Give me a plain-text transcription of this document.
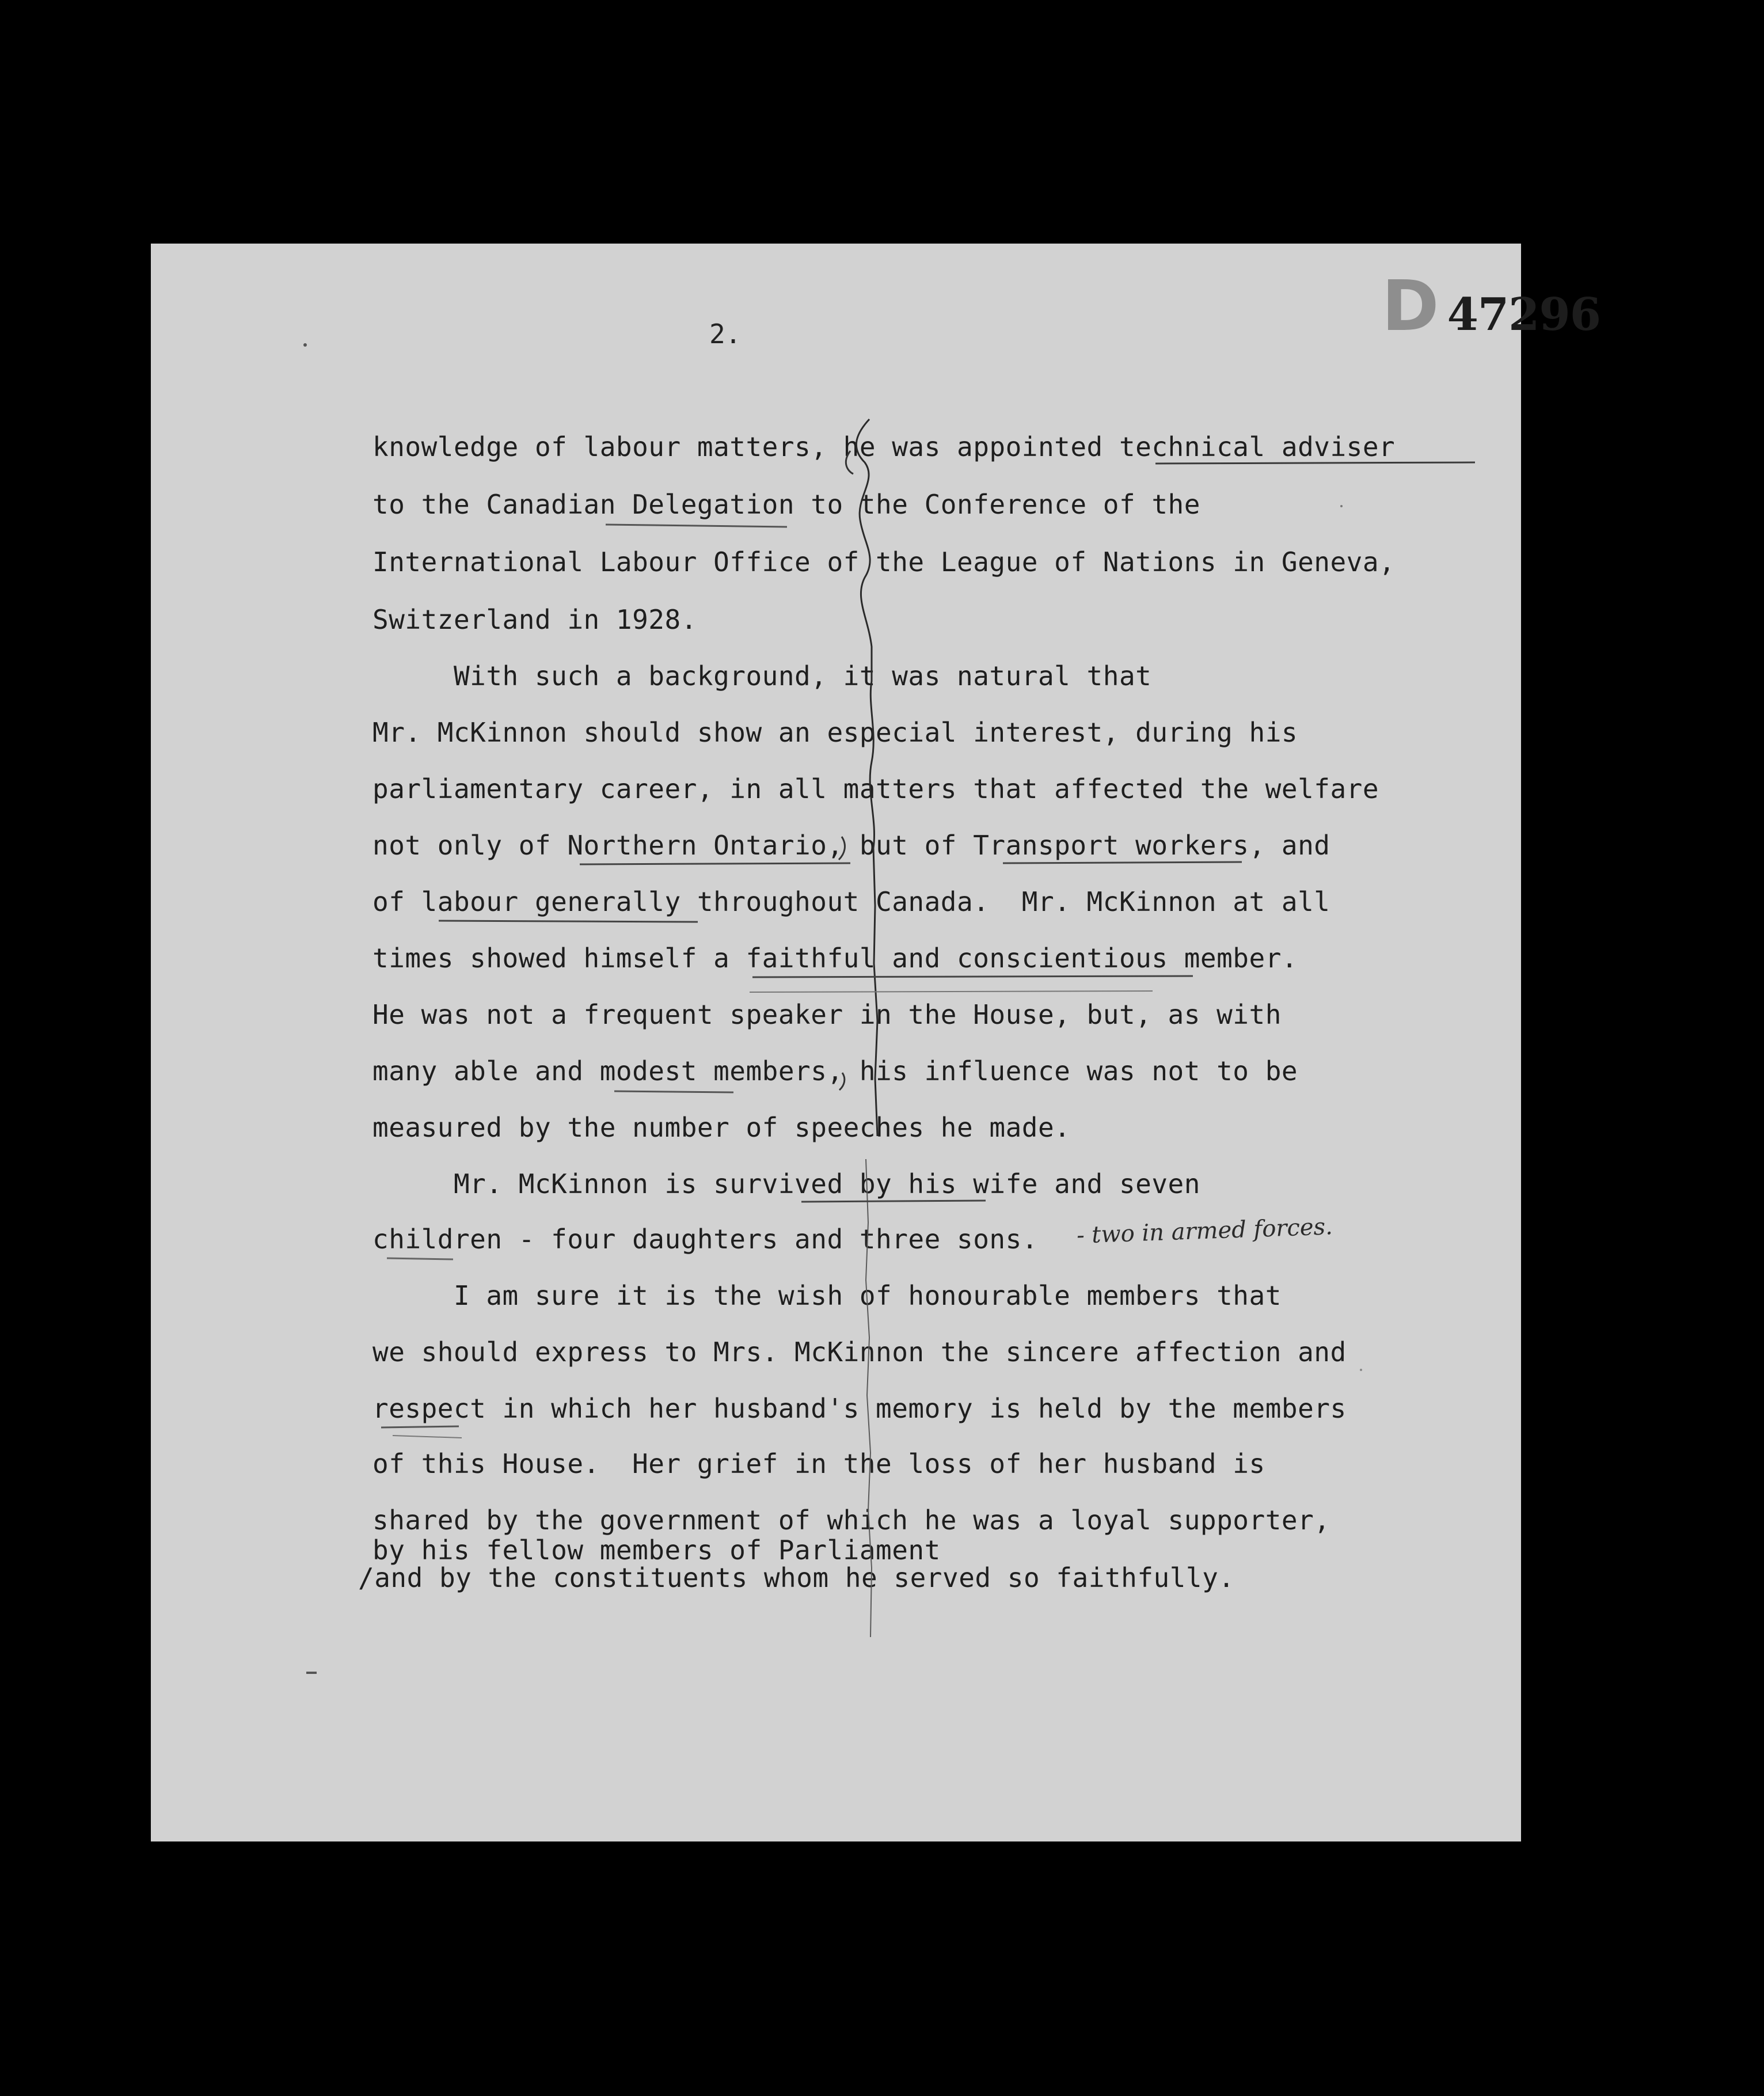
D 47296
2.
knowledge of labour matters, he was appointed technical adviser
to the Canadian Delegation to the Conference of the
International Labour Office of the League of Nations in Geneva,
Switzerland in 1928.
With such a background, it was natural that
Mr. McKinnon should show an especial interest, during his
parliamentary career, in all matters that affected the welfare
not only of Northern Ontario, but of Transport workers, and
of labour generally throughout Canada.  Mr. McKinnon at all
times showed himself a faithful and conscientious member.
He was not a frequent speaker in the House, but, as with
many able and modest members, his influence was not to be
measured by the number of speeches he made.
Mr. McKinnon is survived by his wife and seven
children - four daughters and three sons.
I am sure it is the wish of honourable members that
we should express to Mrs. McKinnon the sincere affection and
respect in which her husband's memory is held by the members
of this House.  Her grief in the loss of her husband is
shared by the government of which he was a loyal supporter,
by his fellow members of Parliament
/and by the constituents whom he served so faithfully.
- two in armed forces.
